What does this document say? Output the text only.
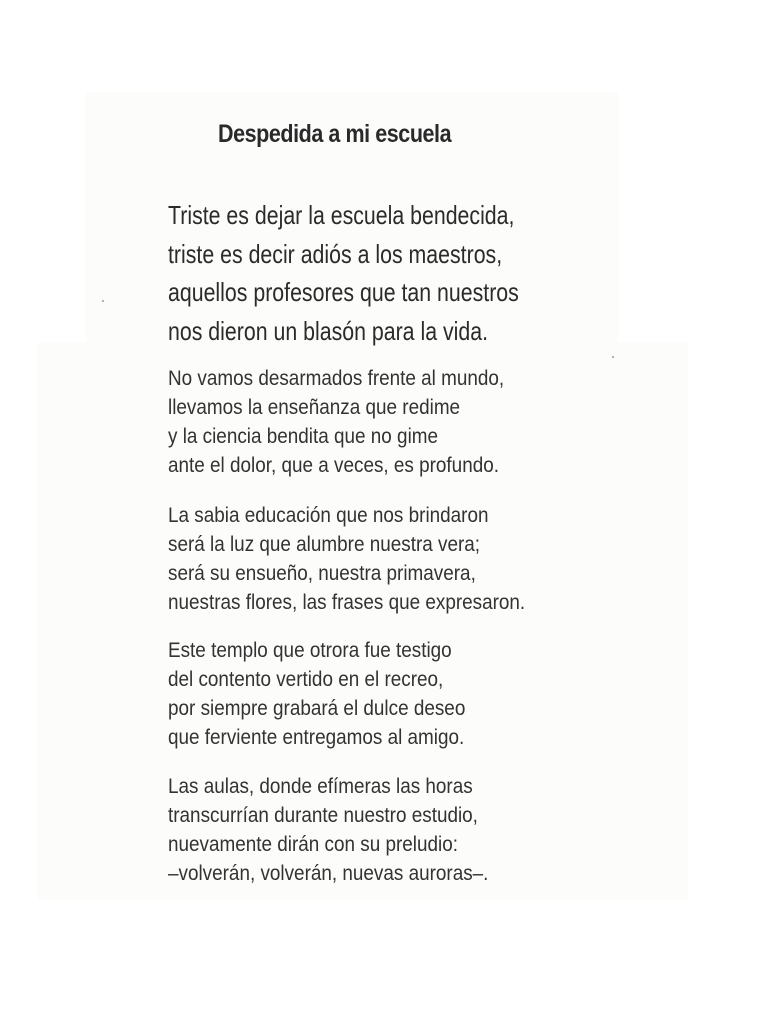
Despedida a mi escuela
Triste es dejar la escuela bendecida,
triste es decir adiós a los maestros,
aquellos profesores que tan nuestros
nos dieron un blasón para la vida.
No vamos desarmados frente al mundo,
llevamos la enseñanza que redime
y la ciencia bendita que no gime
ante el dolor, que a veces, es profundo.
La sabia educación que nos brindaron
será la luz que alumbre nuestra vera;
será su ensueño, nuestra primavera,
nuestras flores, las frases que expresaron.
Este templo que otrora fue testigo
del contento vertido en el recreo,
por siempre grabará el dulce deseo
que ferviente entregamos al amigo.
Las aulas, donde efímeras las horas
transcurrían durante nuestro estudio,
nuevamente dirán con su preludio:
–volverán, volverán, nuevas auroras–.
